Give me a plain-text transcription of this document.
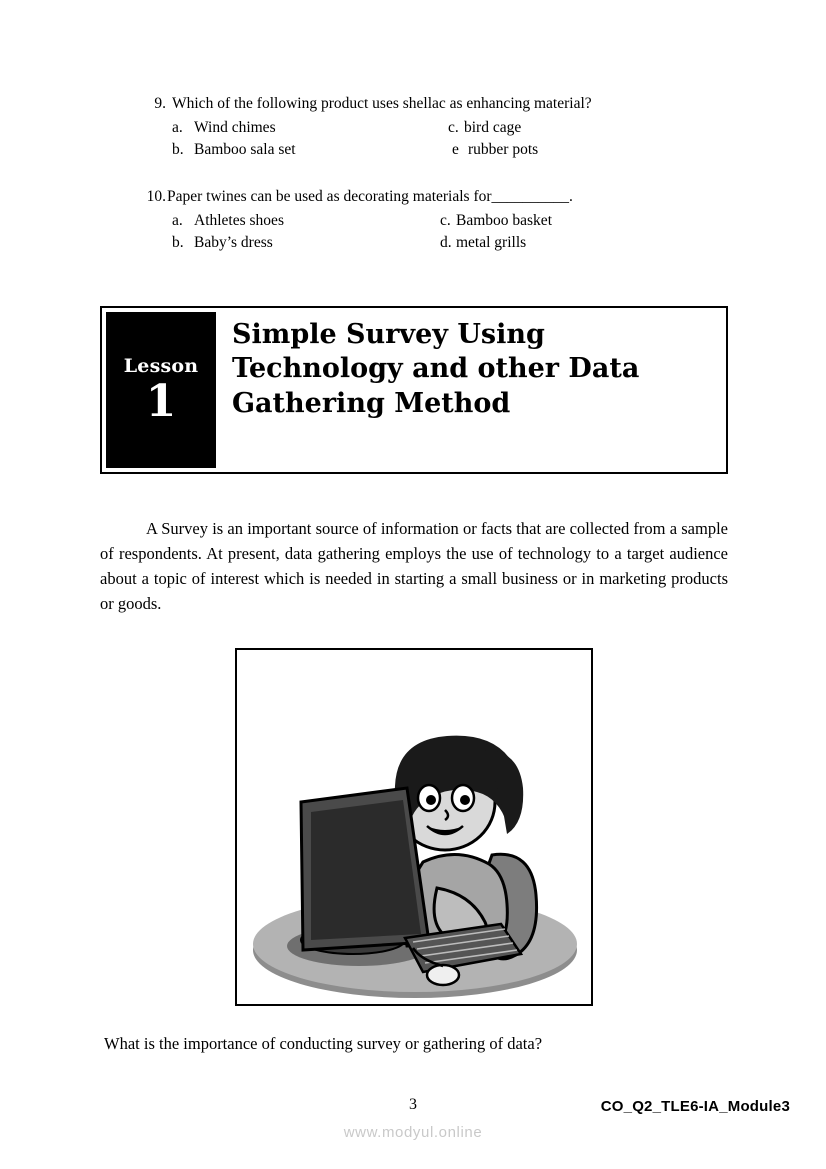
9. Which of the following product uses shellac as enhancing material?
a. Wind chimes	c. bird cage
b. Bamboo sala set	e rubber pots
10. Paper twines can be used as decorating materials for__________.
a. Athletes shoes	c. Bamboo basket
b. Baby’s dress	d. metal grills
Lesson
1
Simple Survey Using Technology and other Data Gathering Method
A Survey is an important source of information or facts that are collected from a sample of respondents. At present, data gathering employs the use of technology to a target audience about a topic of interest which is needed in starting a small business or in marketing products or goods.
What is the importance of conducting survey or gathering of data?
3	CO_Q2_TLE6-IA_Module3
www.modyul.online
